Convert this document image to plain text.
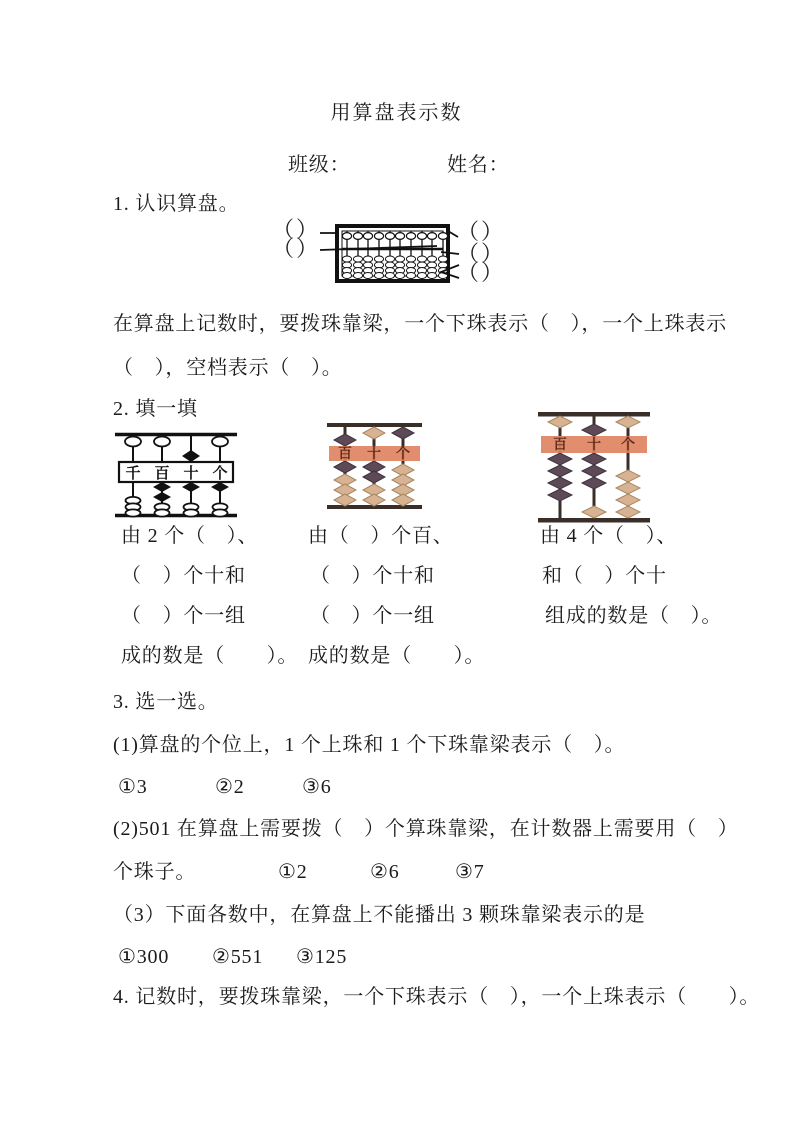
用算盘表示数
班级：	姓名：
1. 认识算盘。
（ ）
（ ）
（ ）
（ ）
（ ）
在算盘上记数时，要拨珠靠梁，一个下珠表示（　），一个上珠表示
（　），空档表示（　）。
2. 填一填
千 百 十 个
百 十 个
百 十 个
由 2 个（　）、
（　）个十和
（　）个一组
成的数是（　　）。
由（　）个百、
（　）个十和
（　）个一组
成的数是（　　）。
由 4 个（　）、
和（　）个十
组成的数是（　）。
3. 选一选。
(1)算盘的个位上，1 个上珠和 1 个下珠靠梁表示（　）。
①3	②2	③6
(2)501 在算盘上需要拨（　）个算珠靠梁，在计数器上需要用（　）
个珠子。	①2	②6	③7
（3）下面各数中，在算盘上不能播出 3 颗珠靠梁表示的是
①300 ②551 ③125
4. 记数时，要拨珠靠梁，一个下珠表示（　），一个上珠表示（　　）。
